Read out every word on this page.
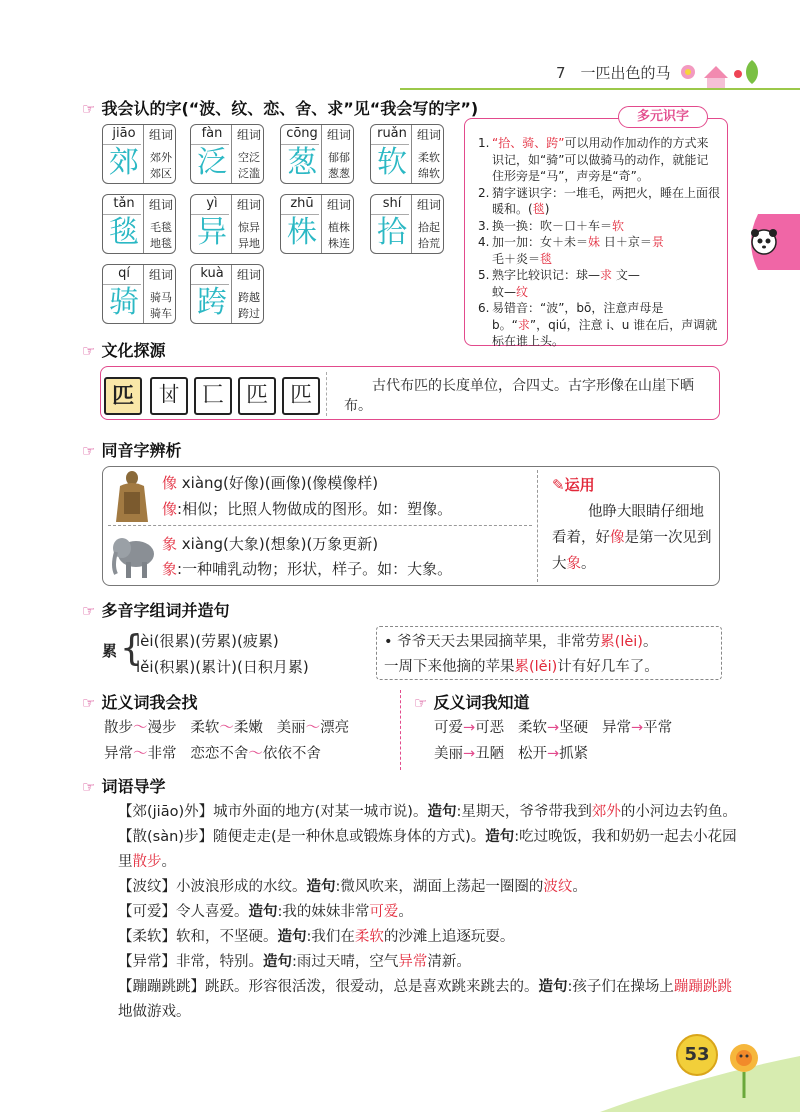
7　一匹出色的马
☞ 我会认的字(“波、纹、恋、舍、求”见“我会写的字”)
jiāo	组词
郊	郊外
郊区
fàn	组词
泛	空泛
泛滥
cōng 组词
葱	郁郁
葱葱
ruǎn 组词
软	柔软
绵软
tǎn	组词
毯	毛毯
地毯
yì	组词
异	惊异
异地
zhū	组词
株	植株
株连
shí	组词
拾	拾起
拾荒
qí	组词
骑	骑马
骑车
kuà	组词
跨	跨越
跨过
多元识字
1. “拾、骑、跨”可以用动作加动作的方式来识记，如“骑”可以做骑马的动作，就能记住形旁是“马”，声旁是“奇”。
2. 猜字谜识字：一堆毛，两把火，睡在上面很暖和。(毯)
3. 换一换：吹－口＋车＝软
4. 加一加：女＋未＝妹 日＋京＝景
毛＋炎＝毯
5. 熟字比较识记：球—求 文—
蚊—纹
6. 易错音：“波”，bō，注意声母是 b。“求”，qiú，注意 i、u 谁在后，声调就标在谁上头。
☞ 文化探源
匹	𠀠 匸 匹 匹	古代布匹的长度单位，合四丈。古字形像在山崖下晒布。
☞ 同音字辨析
像 xiàng(好像)(画像)(像模像样)
像:相似；比照人物做成的图形。如：塑像。
象 xiàng(大象)(想象)(万象更新)
象:一种哺乳动物；形状，样子。如：大象。
✎运用
他睁大眼睛仔细地看着，好像是第一次见到大象。
☞ 多音字组词并造句
累 {
lèi(很累)(劳累)(疲累)
lěi(积累)(累计)(日积月累)
• 爷爷天天去果园摘苹果，非常劳累(lèi)。
一周下来他摘的苹果累(lěi)计有好几车了。
☞ 近义词我会找	☞ 反义词我知道
散步～漫步 柔软～柔嫩 美丽～漂亮
异常～非常 恋恋不舍～依依不舍
可爱→可恶 柔软→坚硬 异常→平常
美丽→丑陋 松开→抓紧
☞ 词语导学
【郊(jiāo)外】城市外面的地方(对某一城市说)。造句:星期天，爷爷带我到郊外的小河边去钓鱼。
【散(sàn)步】随便走走(是一种休息或锻炼身体的方式)。造句:吃过晚饭，我和奶奶一起去小花园里散步。
【波纹】小波浪形成的水纹。造句:微风吹来，湖面上荡起一圈圈的波纹。
【可爱】令人喜爱。造句:我的妹妹非常可爱。
【柔软】软和，不坚硬。造句:我们在柔软的沙滩上追逐玩耍。
【异常】非常，特别。造句:雨过天晴，空气异常清新。
【蹦蹦跳跳】跳跃。形容很活泼，很爱动，总是喜欢跳来跳去的。造句:孩子们在操场上蹦蹦跳跳地做游戏。
53
